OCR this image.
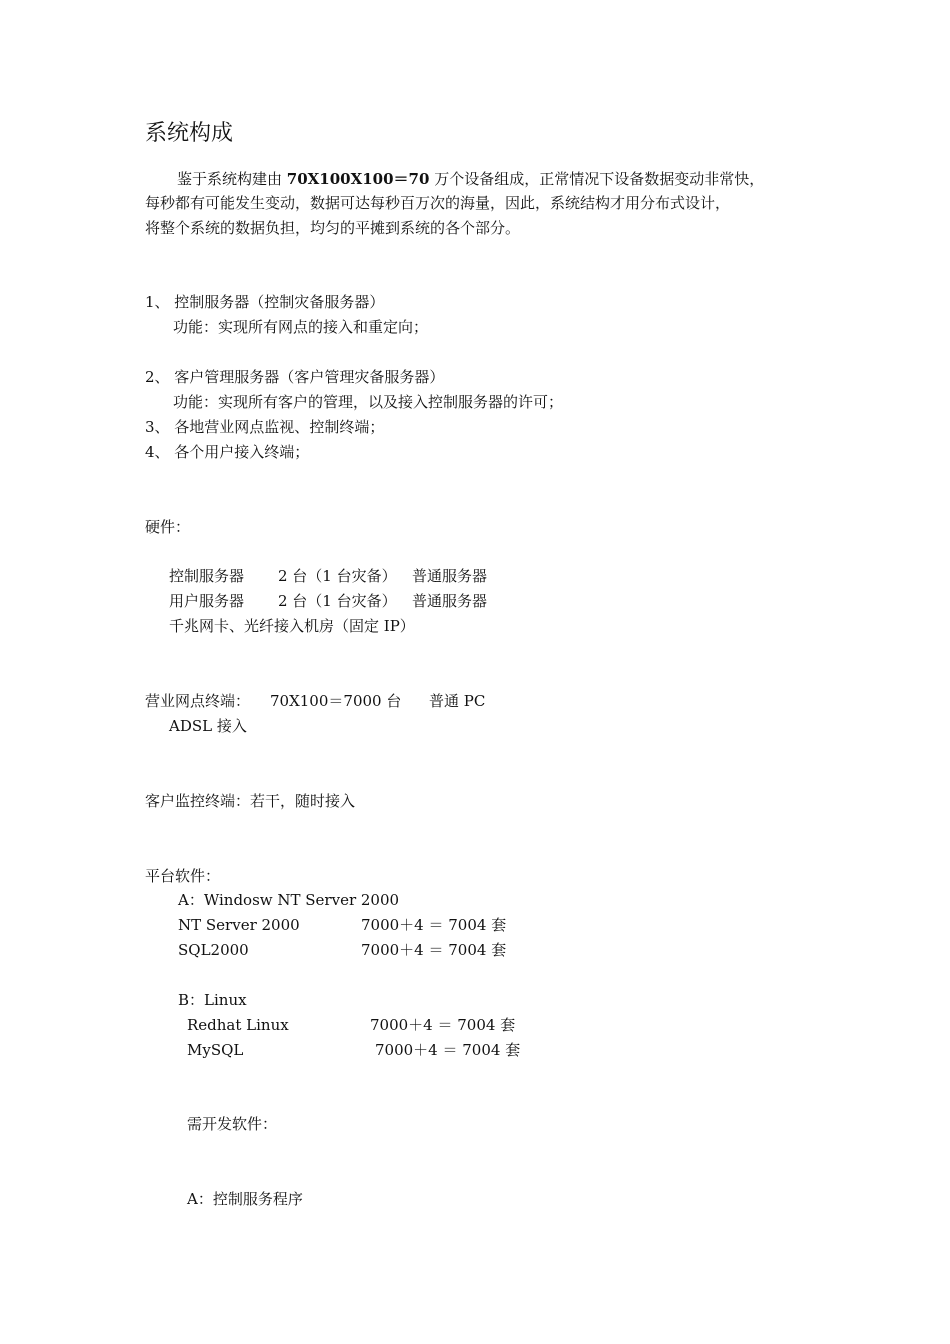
系统构成
鉴于系统构建由 70X100X100＝70 万个设备组成，正常情况下设备数据变动非常快，
每秒都有可能发生变动，数据可达每秒百万次的海量，因此，系统结构才用分布式设计，
将整个系统的数据负担，均匀的平摊到系统的各个部分。
1、 控制服务器（控制灾备服务器）
功能：实现所有网点的接入和重定向；
2、 客户管理服务器（客户管理灾备服务器）
功能：实现所有客户的管理，以及接入控制服务器的许可；
3、 各地营业网点监视、控制终端；
4、 各个用户接入终端；
硬件：
控制服务器 2 台（1 台灾备） 普通服务器
用户服务器 2 台（1 台灾备） 普通服务器
千兆网卡、光纤接入机房（固定 IP）
营业网点终端： 70X100＝7000 台 普通 PC
ADSL 接入
客户监控终端：若干，随时接入
平台软件：
A：Windosw NT Server 2000
NT Server 2000	7000＋4 ＝ 7004 套
SQL2000	7000＋4 ＝ 7004 套
B：Linux
Redhat Linux	7000＋4 ＝ 7004 套
MySQL	7000＋4 ＝ 7004 套
需开发软件：
A：控制服务程序
